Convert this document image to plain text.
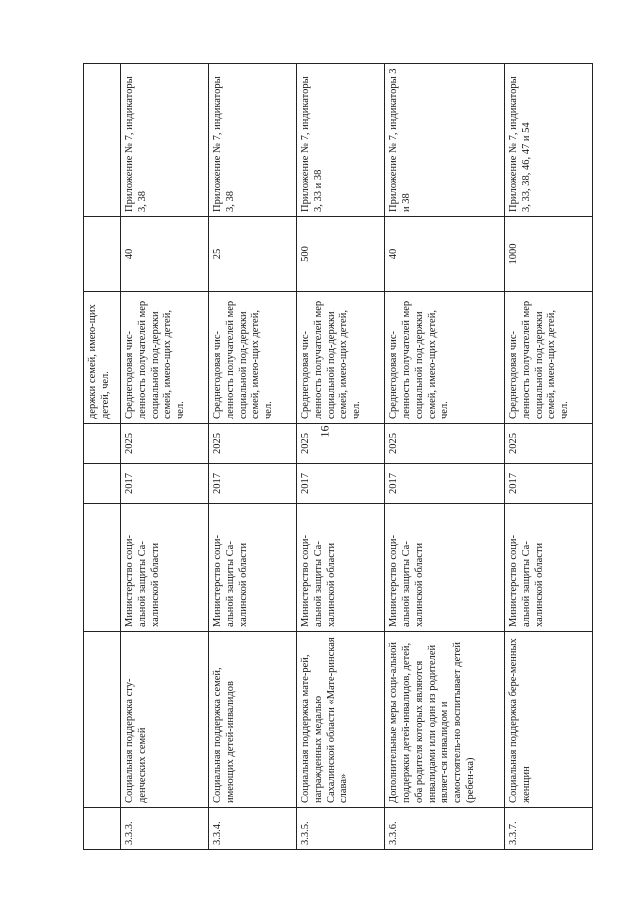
16
					держки семей, имею-щих детей, чел.		
3.3.3.	Социальная поддержка сту-денческих семей	Министерство соци-альной защиты Са-халинской области	2017	2025	Среднегодовая чис-ленность получателей мер социальной под-держки семей, имею-щих детей, чел.	40	Приложение № 7, индикаторы 3, 38
3.3.4.	Социальная поддержка семей, имеющих детей-инвалидов	Министерство соци-альной защиты Са-халинской области	2017	2025	Среднегодовая чис-ленность получателей мер социальной под-держки семей, имею-щих детей, чел.	25	Приложение № 7, индикаторы 3, 38
3.3.5.	Социальная поддержка мате-рей, награжденных медалью Сахалинской области «Мате-ринская слава»	Министерство соци-альной защиты Са-халинской области	2017	2025	Среднегодовая чис-ленность получателей мер социальной под-держки семей, имею-щих детей, чел.	500	Приложение № 7, индикаторы 3, 33 и 38
3.3.6.	Дополнительные меры соци-альной поддержки детей-инвалидов, детей, оба родителя которых являются инвалидами или один из родителей являет-ся инвалидом и самостоятель-но воспитывает детей (ребен-ка)	Министерство соци-альной защиты Са-халинской области	2017	2025	Среднегодовая чис-ленность получателей мер социальной под-держки семей, имею-щих детей, чел.	40	Приложение № 7, индикаторы 3 и 38
3.3.7.	Социальная поддержка бере-менных женщин	Министерство соци-альной защиты Са-халинской области	2017	2025	Среднегодовая чис-ленность получателей мер социальной под-держки семей, имею-щих детей, чел.	1000	Приложение № 7, индикаторы 3, 33, 38, 46, 47 и 54
